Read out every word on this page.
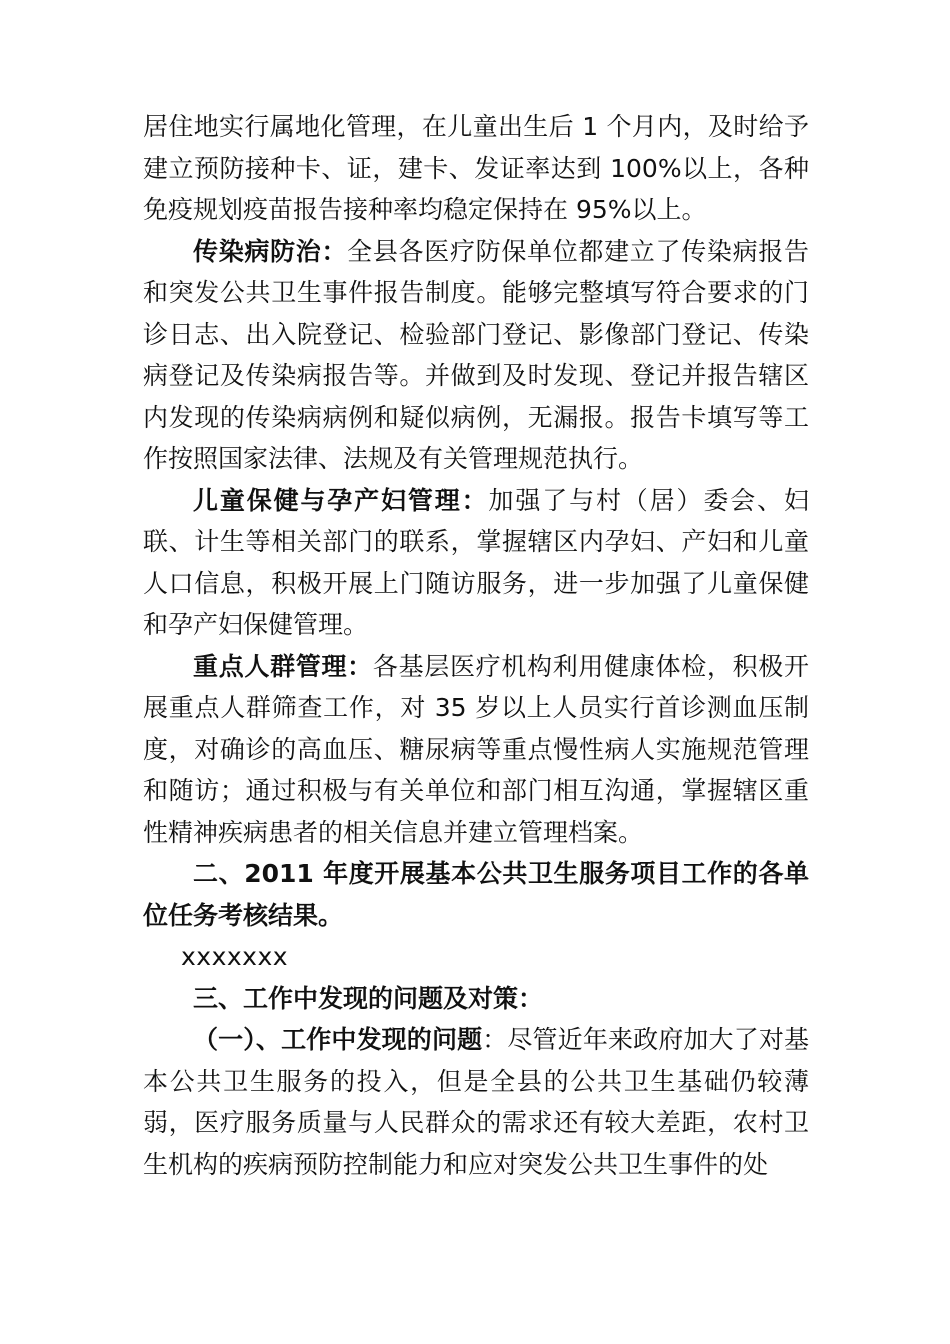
居住地实行属地化管理，在儿童出生后 1 个月内，及时给予建立预防接种卡、证，建卡、发证率达到 100%以上，各种免疫规划疫苗报告接种率均稳定保持在 95%以上。

传染病防治：全县各医疗防保单位都建立了传染病报告和突发公共卫生事件报告制度。能够完整填写符合要求的门诊日志、出入院登记、检验部门登记、影像部门登记、传染病登记及传染病报告等。并做到及时发现、登记并报告辖区内发现的传染病病例和疑似病例，无漏报。报告卡填写等工作按照国家法律、法规及有关管理规范执行。

儿童保健与孕产妇管理：加强了与村（居）委会、妇联、计生等相关部门的联系，掌握辖区内孕妇、产妇和儿童人口信息，积极开展上门随访服务，进一步加强了儿童保健和孕产妇保健管理。

重点人群管理：各基层医疗机构利用健康体检，积极开展重点人群筛查工作，对 35 岁以上人员实行首诊测血压制度，对确诊的高血压、糖尿病等重点慢性病人实施规范管理和随访；通过积极与有关单位和部门相互沟通，掌握辖区重性精神疾病患者的相关信息并建立管理档案。

二、2011 年度开展基本公共卫生服务项目工作的各单位任务考核结果。

xxxxxxx

三、工作中发现的问题及对策：

（一）、工作中发现的问题：尽管近年来政府加大了对基本公共卫生服务的投入，但是全县的公共卫生基础仍较薄弱，医疗服务质量与人民群众的需求还有较大差距，农村卫生机构的疾病预防控制能力和应对突发公共卫生事件的处
